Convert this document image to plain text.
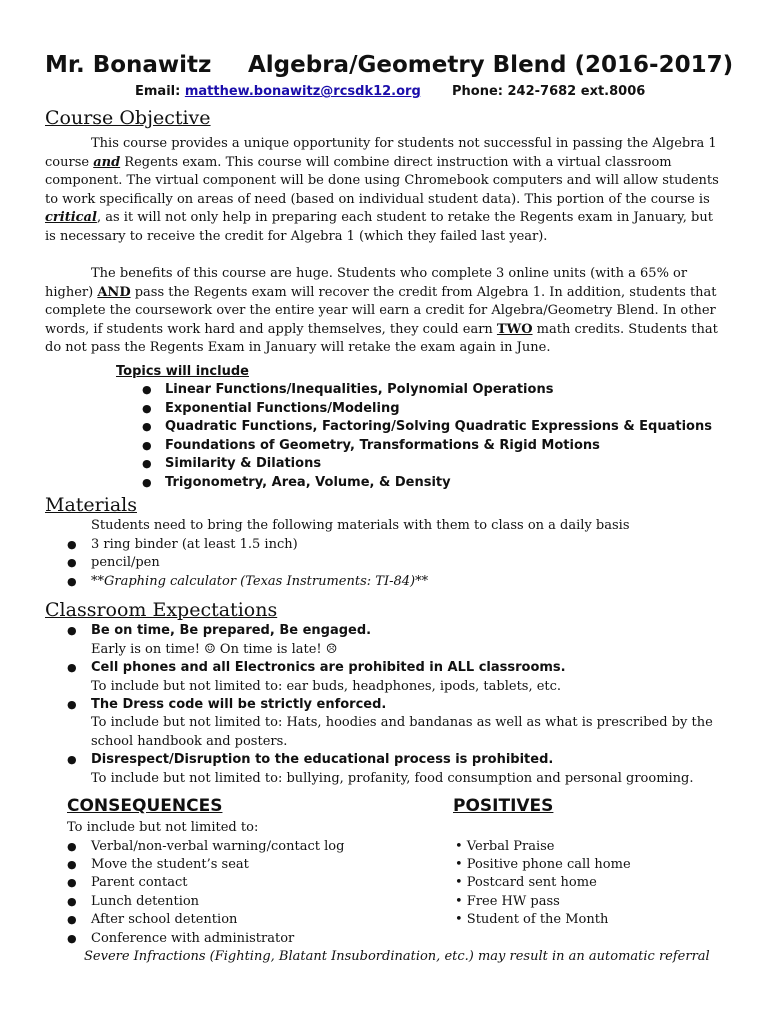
Mr. Bonawitz Algebra/Geometry Blend (2016-2017)
Email: matthew.bonawitz@rcsdk12.org Phone: 242-7682 ext.8006
Course Objective
This course provides a unique opportunity for students not successful in passing the Algebra 1 course and Regents exam. This course will combine direct instruction with a virtual classroom component. The virtual component will be done using Chromebook computers and will allow students to work specifically on areas of need (based on individual student data). This portion of the course is critical, as it will not only help in preparing each student to retake the Regents exam in January, but is necessary to receive the credit for Algebra 1 (which they failed last year).
The benefits of this course are huge. Students who complete 3 online units (with a 65% or higher) AND pass the Regents exam will recover the credit from Algebra 1. In addition, students that complete the coursework over the entire year will earn a credit for Algebra/Geometry Blend. In other words, if students work hard and apply themselves, they could earn TWO math credits. Students that do not pass the Regents Exam in January will retake the exam again in June.
Topics will include
● Linear Functions/Inequalities, Polynomial Operations
● Exponential Functions/Modeling
● Quadratic Functions, Factoring/Solving Quadratic Expressions & Equations
● Foundations of Geometry, Transformations & Rigid Motions
● Similarity & Dilations
● Trigonometry, Area, Volume, & Density
Materials
Students need to bring the following materials with them to class on a daily basis
● 3 ring binder (at least 1.5 inch)
● pencil/pen
● **Graphing calculator (Texas Instruments: TI-84)**
Classroom Expectations
● Be on time, Be prepared, Be engaged.
Early is on time! ☺ On time is late! ☹
● Cell phones and all Electronics are prohibited in ALL classrooms.
To include but not limited to: ear buds, headphones, ipods, tablets, etc.
● The Dress code will be strictly enforced.
To include but not limited to: Hats, hoodies and bandanas as well as what is prescribed by the
school handbook and posters.
● Disrespect/Disruption to the educational process is prohibited.
To include but not limited to: bullying, profanity, food consumption and personal grooming.
CONSEQUENCES	POSITIVES
To include but not limited to:
● Verbal/non-verbal warning/contact log
● Move the student’s seat
● Parent contact
● Lunch detention
● After school detention
● Conference with administrator
• Verbal Praise
• Positive phone call home
• Postcard sent home
• Free HW pass
• Student of the Month
Severe Infractions (Fighting, Blatant Insubordination, etc.) may result in an automatic referral
